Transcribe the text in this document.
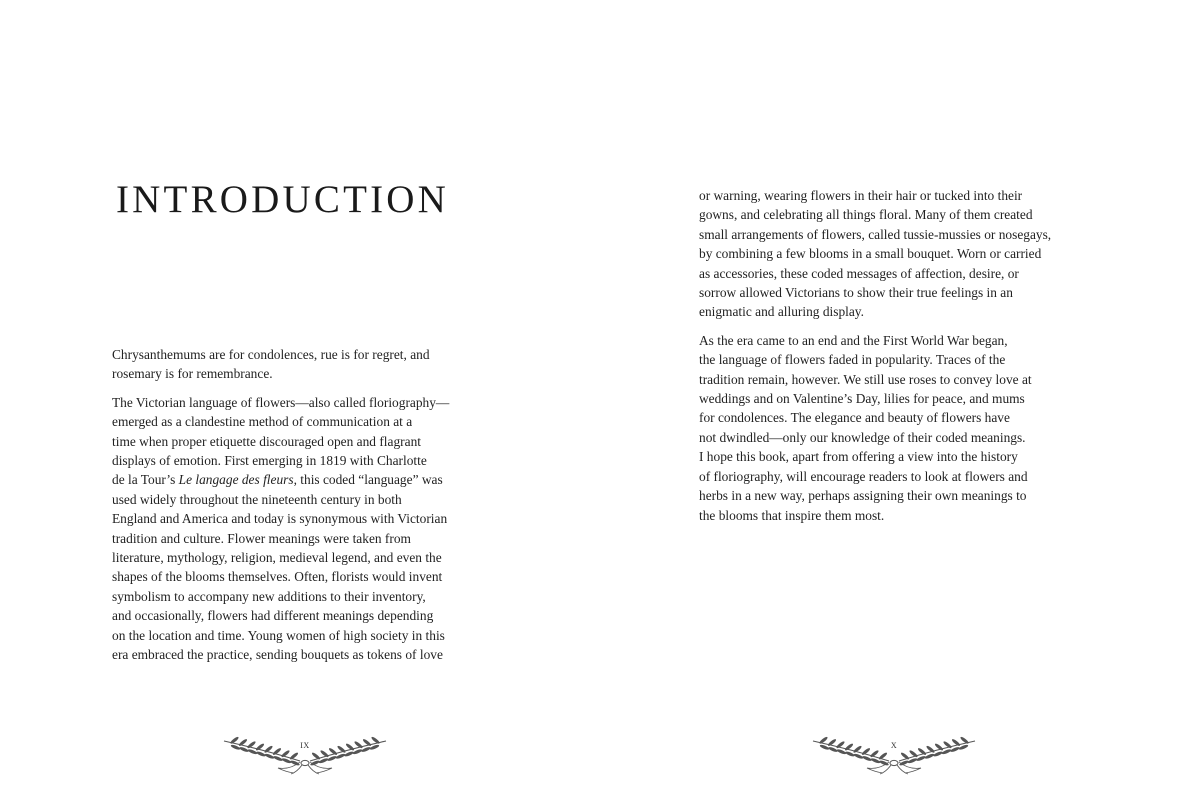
INTRODUCTION

Chrysanthemums are for condolences, rue is for regret, and
rosemary is for remembrance.

The Victorian language of flowers—also called floriography—
emerged as a clandestine method of communication at a
time when proper etiquette discouraged open and flagrant
displays of emotion. First emerging in 1819 with Charlotte
de la Tour’s Le langage des fleurs, this coded “language” was
used widely throughout the nineteenth century in both
England and America and today is synonymous with Victorian
tradition and culture. Flower meanings were taken from
literature, mythology, religion, medieval legend, and even the
shapes of the blooms themselves. Often, florists would invent
symbolism to accompany new additions to their inventory,
and occasionally, flowers had different meanings depending
on the location and time. Young women of high society in this
era embraced the practice, sending bouquets as tokens of love

IX

or warning, wearing flowers in their hair or tucked into their
gowns, and celebrating all things floral. Many of them created
small arrangements of flowers, called tussie-mussies or nosegays,
by combining a few blooms in a small bouquet. Worn or carried
as accessories, these coded messages of affection, desire, or
sorrow allowed Victorians to show their true feelings in an
enigmatic and alluring display.

As the era came to an end and the First World War began,
the language of flowers faded in popularity. Traces of the
tradition remain, however. We still use roses to convey love at
weddings and on Valentine’s Day, lilies for peace, and mums
for condolences. The elegance and beauty of flowers have
not dwindled—only our knowledge of their coded meanings.
I hope this book, apart from offering a view into the history
of floriography, will encourage readers to look at flowers and
herbs in a new way, perhaps assigning their own meanings to
the blooms that inspire them most.

X
